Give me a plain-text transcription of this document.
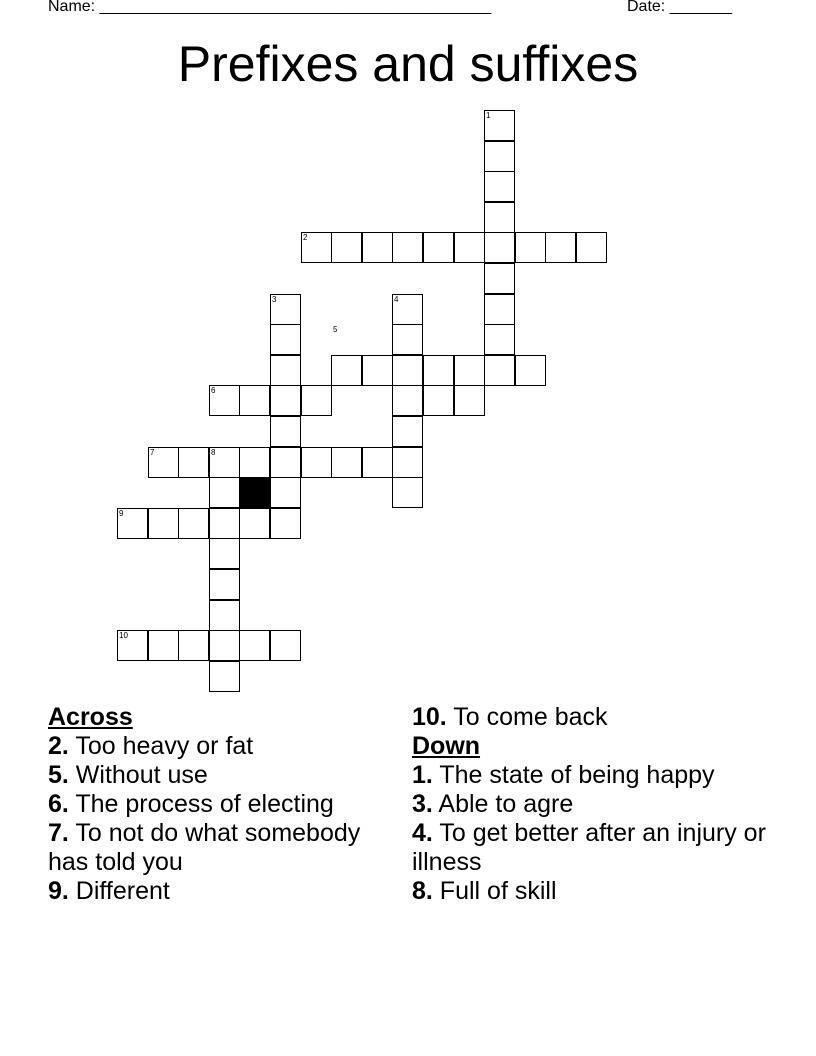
Name: ____________________________________________	Date: _______
Prefixes and suffixes
1
2
3	4
5
6
7	8
9
10
Across
2. Too heavy or fat
5. Without use
6. The process of electing
7. To not do what somebody has told you
9. Different
10. To come back
Down
1. The state of being happy
3. Able to agre
4. To get better after an injury or illness
8. Full of skill
